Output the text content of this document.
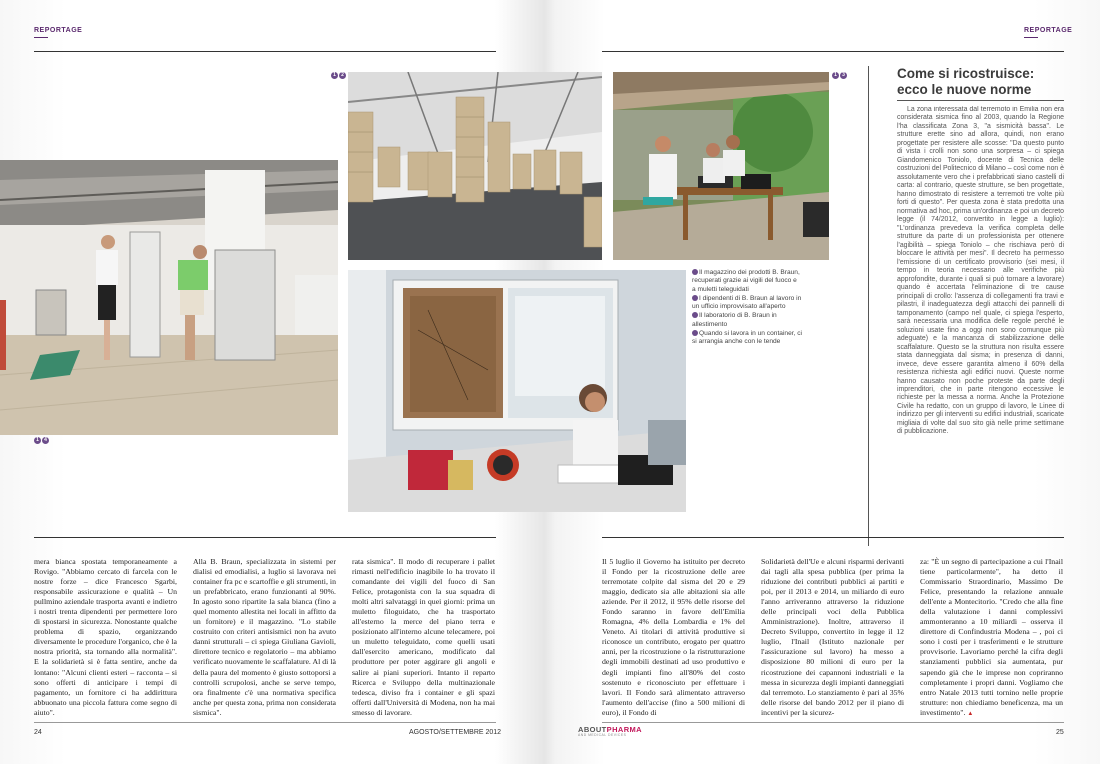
REPORTAGE	REPORTAGE
1	4
1	2	1	3
Il magazzino dei prodotti B. Braun, recuperati grazie ai vigili del fuoco e a muletti teleguidati
I dipendenti di B. Braun al lavoro in un ufficio improvvisato all'aperto
Il laboratorio di B. Braun in allestimento
Quando si lavora in un container, ci si arrangia anche con le tende
Come si ricostruisce: ecco le nuove norme

La zona interessata dal terremoto in Emilia non era considerata sismica fino al 2003, quando la Regione l'ha classificata Zona 3, "a sismicità bassa". Le strutture erette sino ad allora, quindi, non erano progettate per resistere alle scosse: "Da questo punto di vista i crolli non sono una sorpresa – ci spiega Giandomenico Toniolo, docente di Tecnica delle costruzioni del Politecnico di Milano – così come non è assolutamente vero che i prefabbricati siano castelli di carta: al contrario, queste strutture, se ben progettate, hanno dimostrato di resistere a terremoti tre volte più forti di questo". Per questa zona è stata predotta una normativa ad hoc, prima un'ordinanza e poi un decreto legge (il 74/2012, convertito in legge a luglio): "L'ordinanza prevedeva la verifica completa delle strutture da parte di un professionista per ottenere l'agibilità – spiega Toniolo – che rischiava però di bloccare le attività per mesi". Il decreto ha permesso l'emissione di un certificato provvisorio (sei mesi, il tempo in teoria necessario alle verifiche più approfondite, durante i quali si può tornare a lavorare) quando è accertata l'eliminazione di tre cause principali di crollo: l'assenza di collegamenti fra travi e pilastri, il inadeguatezza degli attacchi dei pannelli di tamponamento (campo nel quale, ci spiega l'esperto, sarà necessaria una modifica delle regole perché le soluzioni usate fino a oggi non sono comunque più adeguate) e la mancanza di stabilizzazione delle scaffalature. Questo se la struttura non risulta essere stata danneggiata dal sisma; in presenza di danni, invece, deve essere garantita almeno il 60% della resistenza richiesta agli edifici nuovi. Queste norme hanno causato non poche proteste da parte degli imprenditori, che in parte ritengono eccessive le richieste per la messa a norma. Anche la Protezione Civile ha redatto, con un gruppo di lavoro, le Linee di indirizzo per gli interventi su edifici industriali, scaricate migliaia di volte dal suo sito già nelle prime settimane di pubblicazione.

mera bianca spostata temporaneamente a Rovigo. "Abbiamo cercato di farcela con le nostre forze – dice Francesco Sgarbi, responsabile assicurazione e qualità – Un pullmino aziendale trasporta avanti e indietro i nostri trenta dipendenti per permettere loro di spostarsi in sicurezza. Nonostante qualche problema di spazio, organizzando diversamente le procedure l'organico, che è la nostra priorità, sta tornando alla normalità". E la solidarietà si è fatta sentire, anche da lontano: "Alcuni clienti esteri – racconta – si sono offerti di anticipare i tempi di pagamento, un fornitore ci ha addirittura abbuonato una piccola fattura come segno di aiuto".
Alla B. Braun, specializzata in sistemi per dialisi ed emodialisi, a luglio si lavorava nei container fra pc e scartoffie e gli strumenti, in un prefabbricato, erano funzionanti al 90%. In agosto sono ripartite la sala bianca (fino a quel momento allestita nei locali in affitto da un fornitore) e il magazzino. "Lo stabile costruito con criteri antisismici non ha avuto danni strutturali – ci spiega Giuliana Gavioli, direttore tecnico e regolatorio – ma abbiamo verificato nuovamente le scaffalature. Al di là della paura del momento è giusto sottoporsi a controlli scrupolosi, anche se serve tempo, ora finalmente c'è una normativa specifica anche per questa zona, prima non considerata sismica".
rata sismica". Il modo di recuperare i pallet rimasti nell'edificio inagibile lo ha trovato il comandante dei vigili del fuoco di San Felice, protagonista con la sua squadra di molti altri salvataggi in quei giorni: prima un muletto filoguidato, che ha trasportato all'esterno la merce del piano terra e posizionato all'interno alcune telecamere, poi un muletto teleguidato, come quelli usati dall'esercito americano, modificato dal produttore per poter aggirare gli angoli e salire ai piani superiori. Intanto il reparto Ricerca e Sviluppo della multinazionale tedesca, diviso fra i container e gli spazi offerti dall'Università di Modena, non ha mai smesso di lavorare.
Il 5 luglio il Governo ha istituito per decreto il Fondo per la ricostruzione delle aree terremotate colpite dal sisma del 20 e 29 maggio, dedicato sia alle abitazioni sia alle aziende. Per il 2012, il 95% delle risorse del Fondo saranno in favore dell'Emilia Romagna, 4% della Lombardia e 1% del Veneto. Ai titolari di attività produttive si riconosce un contributo, erogato per quattro anni, per la ricostruzione o la ristrutturazione degli immobili destinati ad uso produttivo e degli impianti fino all'80% del costo sostenuto e riconosciuto per effettuare i lavori. Il Fondo sarà alimentato attraverso l'aumento dell'accise (fino a 500 milioni di euro), il Fondo di
Solidarietà dell'Ue e alcuni risparmi derivanti dai tagli alla spesa pubblica (per prima la riduzione dei contributi pubblici ai partiti e poi, per il 2013 e 2014, un miliardo di euro l'anno arriveranno attraverso la riduzione delle principali voci della Pubblica Amministrazione). Inoltre, attraverso il Decreto Sviluppo, convertito in legge il 12 luglio, l'Inail (Istituto nazionale per l'assicurazione sul lavoro) ha messo a disposizione 80 milioni di euro per la ricostruzione dei capannoni industriali e la messa in sicurezza degli impianti danneggiati dal terremoto. Lo stanziamento è pari al 35% delle risorse del bando 2012 per il piano di incentivi per la sicurez-
za: "È un segno di partecipazione a cui l'Inail tiene particolarmente", ha detto il Commissario Straordinario, Massimo De Felice, presentando la relazione annuale dell'ente a Montecitorio. "Credo che alla fine della valutazione i danni complessivi ammonteranno a 10 miliardi – osserva il direttore di Confindustria Modena – , poi ci sono i costi per i trasferimenti e le strutture provvisorie. Lavoriamo perché la cifra degli stanziamenti pubblici sia aumentata, pur sapendo già che le imprese non copriranno completamente i propri danni. Vogliamo che entro Natale 2013 tutti tornino nelle proprie strutture: non chiediamo beneficenza, ma un investimento". ▲
24	AGOSTO/SETTEMBRE 2012	ABOUTPHARMA
AND MEDICAL DEVICES	25
